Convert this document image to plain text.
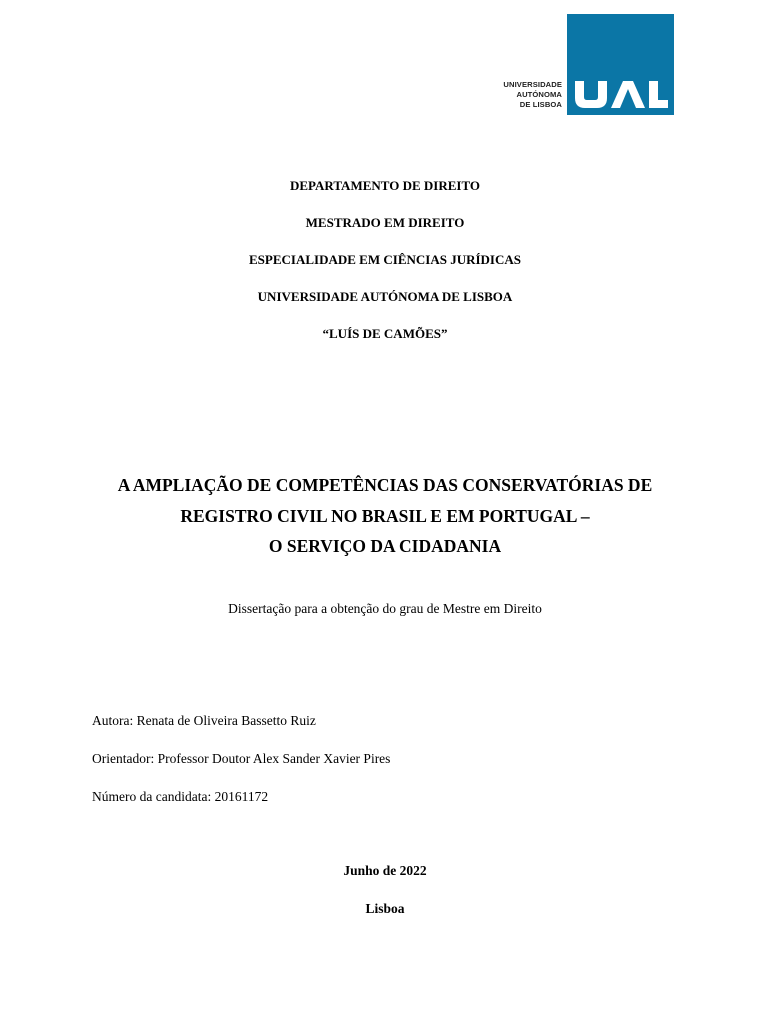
UNIVERSIDADE
AUTÓNOMA
DE LISBOA
DEPARTAMENTO DE DIREITO
MESTRADO EM DIREITO
ESPECIALIDADE EM CIÊNCIAS JURÍDICAS
UNIVERSIDADE AUTÓNOMA DE LISBOA
“LUÍS DE CAMÕES”
A AMPLIAÇÃO DE COMPETÊNCIAS DAS CONSERVATÓRIAS DE
REGISTRO CIVIL NO BRASIL E EM PORTUGAL –
O SERVIÇO DA CIDADANIA
Dissertação para a obtenção do grau de Mestre em Direito
Autora: Renata de Oliveira Bassetto Ruiz
Orientador: Professor Doutor Alex Sander Xavier Pires
Número da candidata: 20161172
Junho de 2022
Lisboa
